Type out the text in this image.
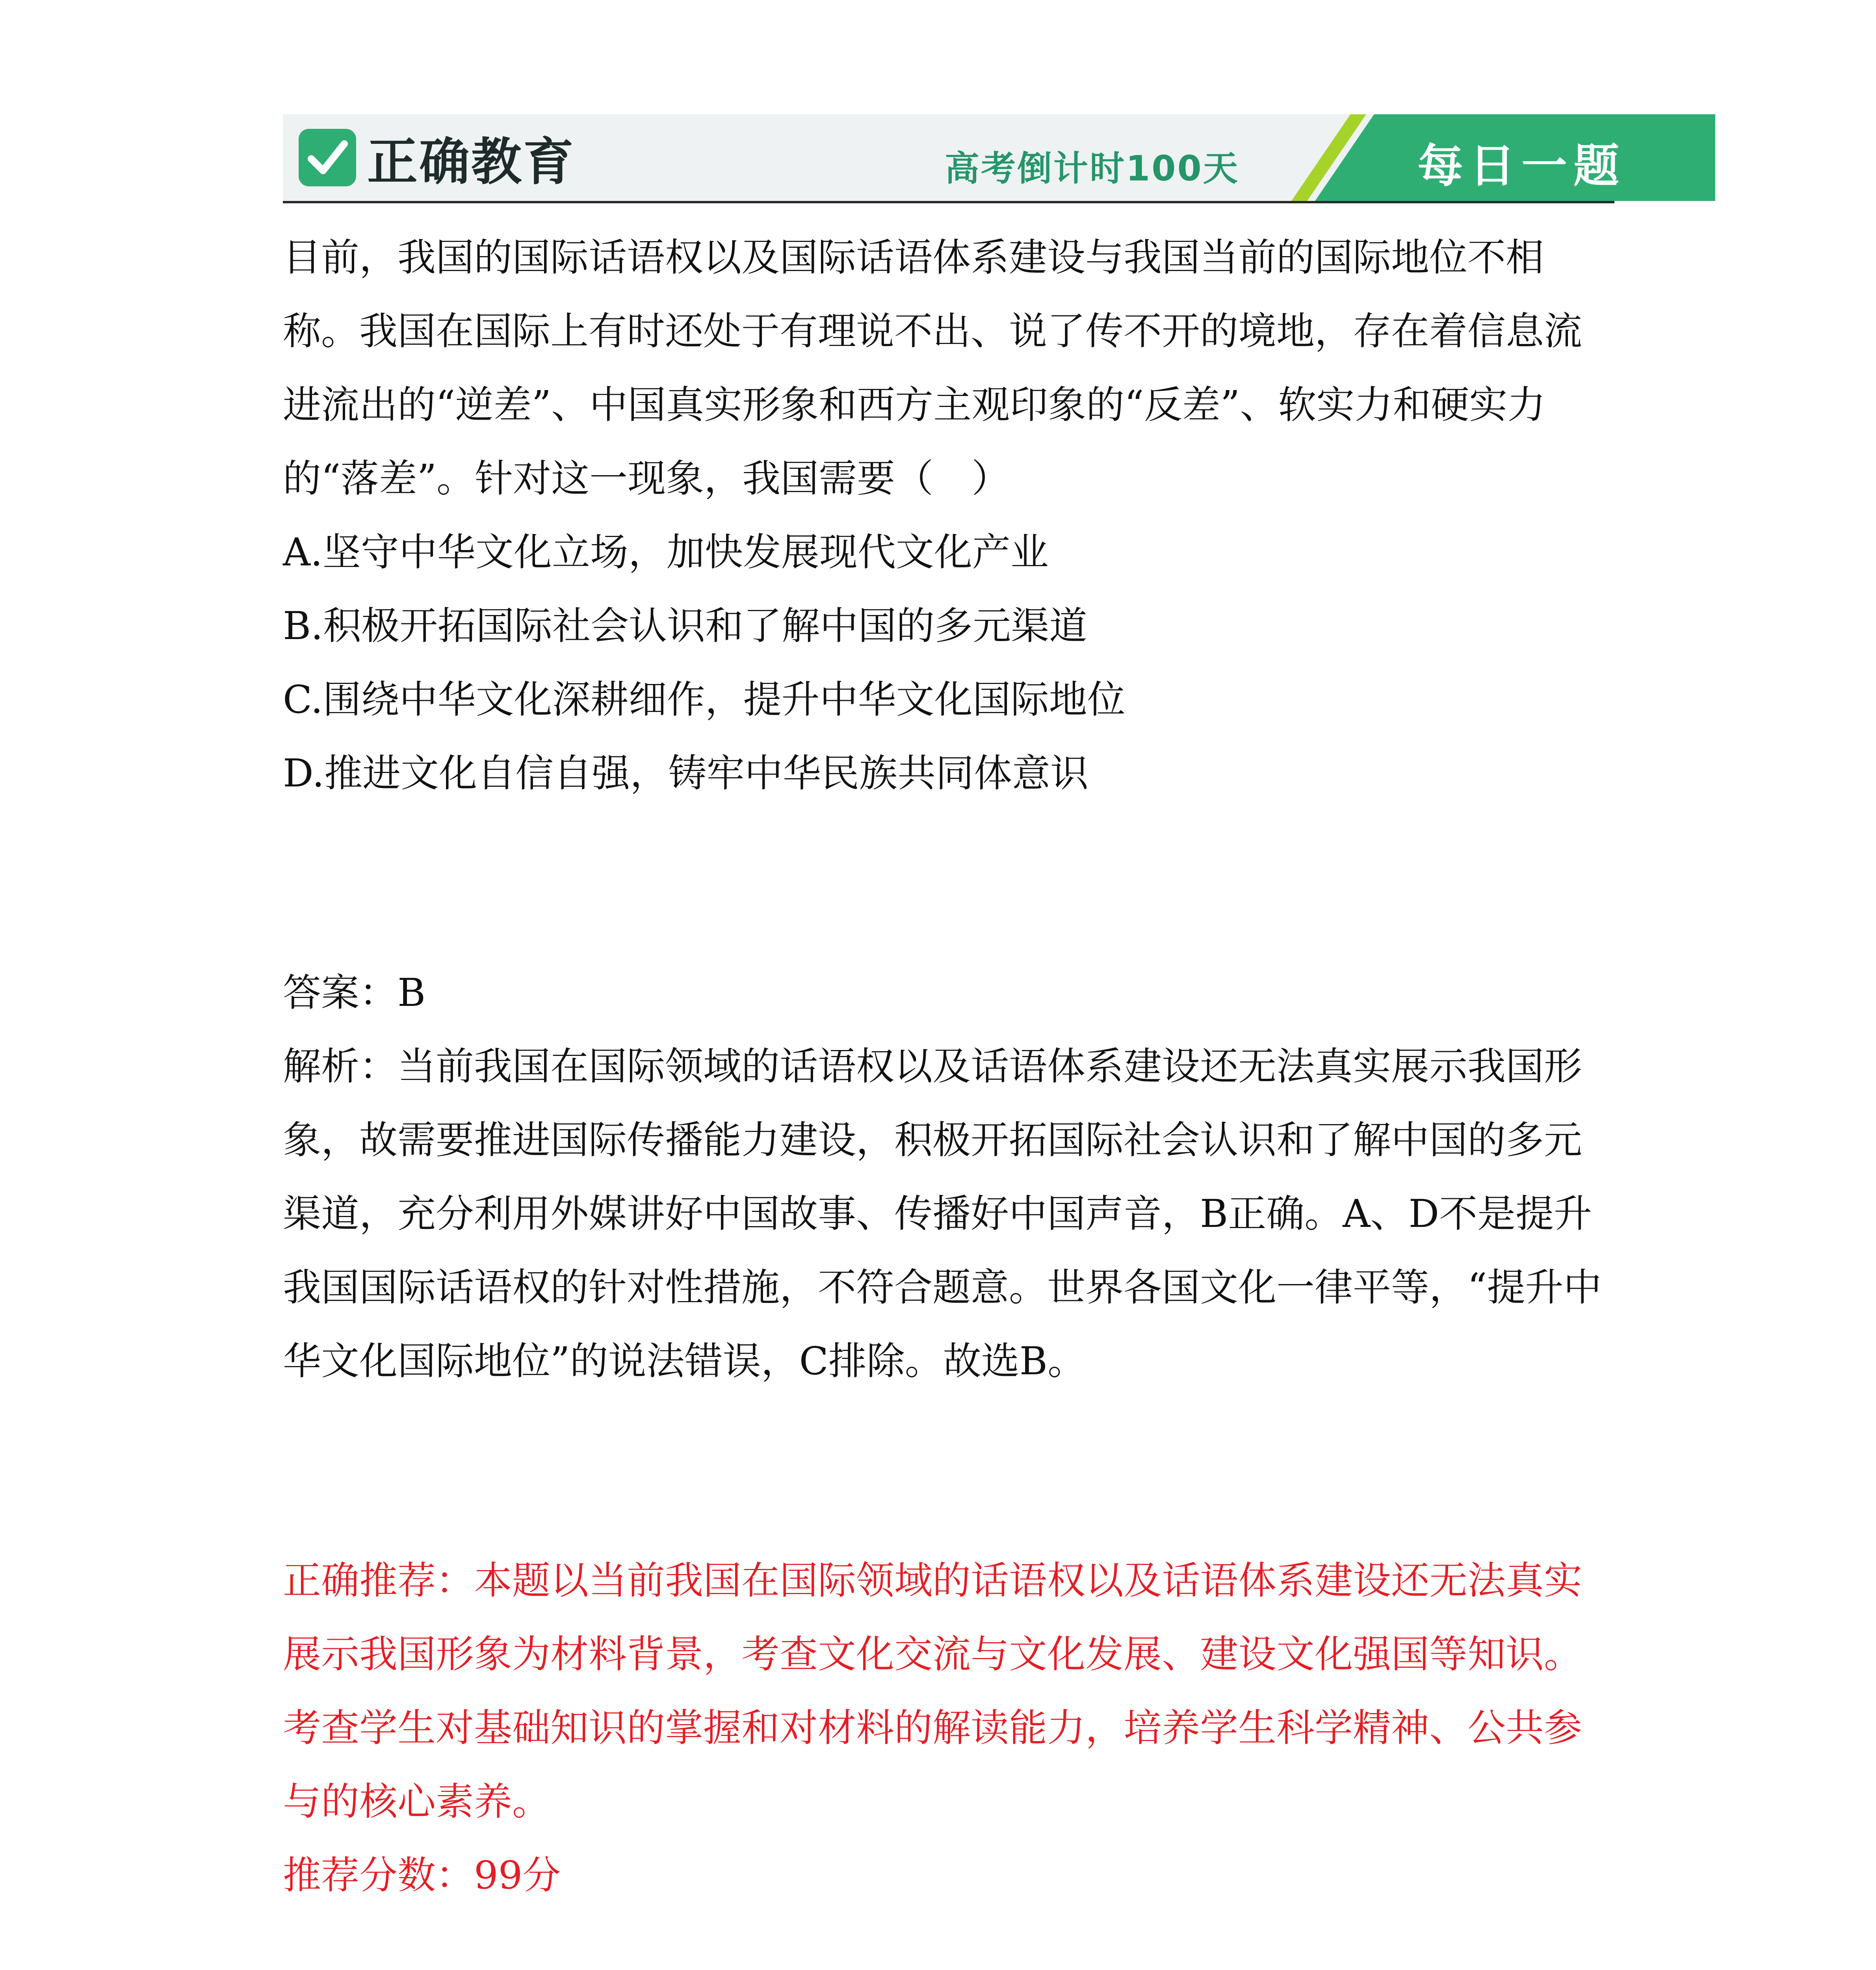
正确教育	高考倒计时100天	每日一题

目前，我国的国际话语权以及国际话语体系建设与我国当前的国际地位不相称。我国在国际上有时还处于有理说不出、说了传不开的境地，存在着信息流进流出的“逆差”、中国真实形象和西方主观印象的“反差”、软实力和硬实力的“落差”。针对这一现象，我国需要（　）

A.坚守中华文化立场，加快发展现代文化产业

B.积极开拓国际社会认识和了解中国的多元渠道

C.围绕中华文化深耕细作，提升中华文化国际地位

D.推进文化自信自强，铸牢中华民族共同体意识

答案：B

解析：当前我国在国际领域的话语权以及话语体系建设还无法真实展示我国形象，故需要推进国际传播能力建设，积极开拓国际社会认识和了解中国的多元渠道，充分利用外媒讲好中国故事、传播好中国声音，B正确。A、D不是提升我国国际话语权的针对性措施，不符合题意。世界各国文化一律平等，“提升中华文化国际地位”的说法错误，C排除。故选B。

正确推荐：本题以当前我国在国际领域的话语权以及话语体系建设还无法真实展示我国形象为材料背景，考查文化交流与文化发展、建设文化强国等知识。考查学生对基础知识的掌握和对材料的解读能力，培养学生科学精神、公共参与的核心素养。

推荐分数：99分
